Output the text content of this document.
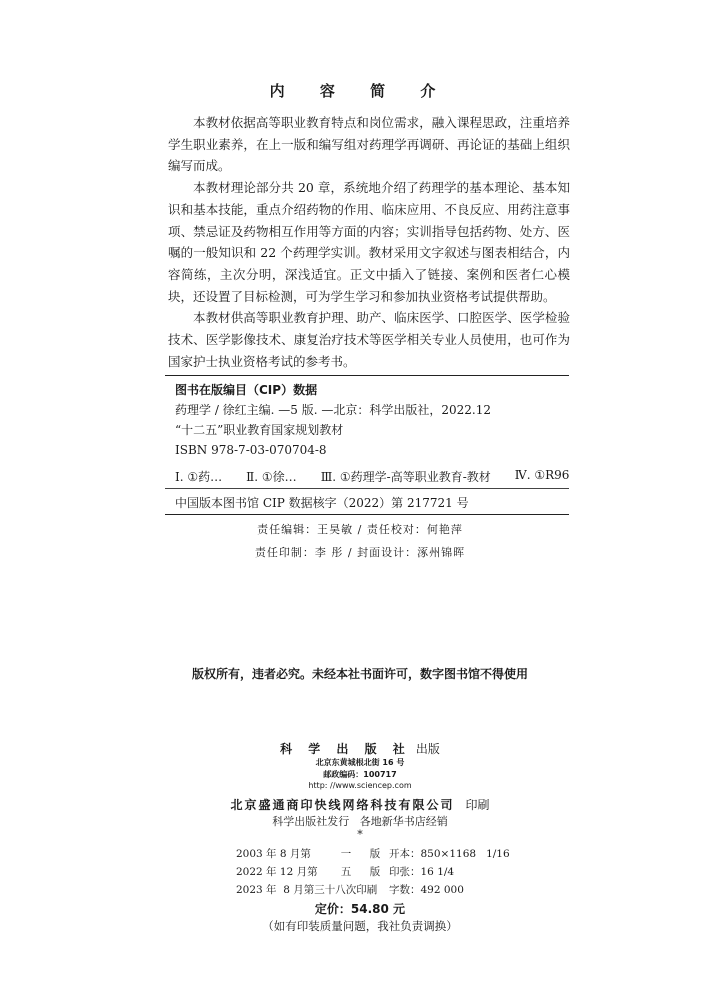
内 容 简 介

本教材依据高等职业教育特点和岗位需求，融入课程思政，注重培养学生职业素养，在上一版和编写组对药理学再调研、再论证的基础上组织编写而成。

本教材理论部分共 20 章，系统地介绍了药理学的基本理论、基本知识和基本技能，重点介绍药物的作用、临床应用、不良反应、用药注意事项、禁忌证及药物相互作用等方面的内容；实训指导包括药物、处方、医嘱的一般知识和 22 个药理学实训。教材采用文字叙述与图表相结合，内容简练，主次分明，深浅适宜。正文中插入了链接、案例和医者仁心模块，还设置了目标检测，可为学生学习和参加执业资格考试提供帮助。

本教材供高等职业教育护理、助产、临床医学、口腔医学、医学检验技术、医学影像技术、康复治疗技术等医学相关专业人员使用，也可作为国家护士执业资格考试的参考书。

图书在版编目（CIP）数据
药理学 / 徐红主编. —5 版. —北京：科学出版社，2022.12
“十二五”职业教育国家规划教材
ISBN 978-7-03-070704-8
Ⅰ. ①药… Ⅱ. ①徐… Ⅲ. ①药理学-高等职业教育-教材 Ⅳ. ①R96
中国版本图书馆 CIP 数据核字（2022）第 217721 号
责任编辑：王昊敏 / 责任校对：何艳萍
责任印制：李 彤 / 封面设计：涿州锦晖
版权所有，违者必究。未经本社书面许可，数字图书馆不得使用
科 学 出 版 社 出版
北京东黄城根北街 16 号
邮政编码：100717
http: //www.sciencep.com
北京盛通商印快线网络科技有限公司 印刷
科学出版社发行   各地新华书店经销
*
2003 年 8 月第	一	版 开本：850×1168   1/16
2022 年 12 月第	五	版 印张：16 1/4
2023 年  8 月第三十八次印刷	字数：492 000
定价：54.80 元
（如有印装质量问题，我社负责调换）
